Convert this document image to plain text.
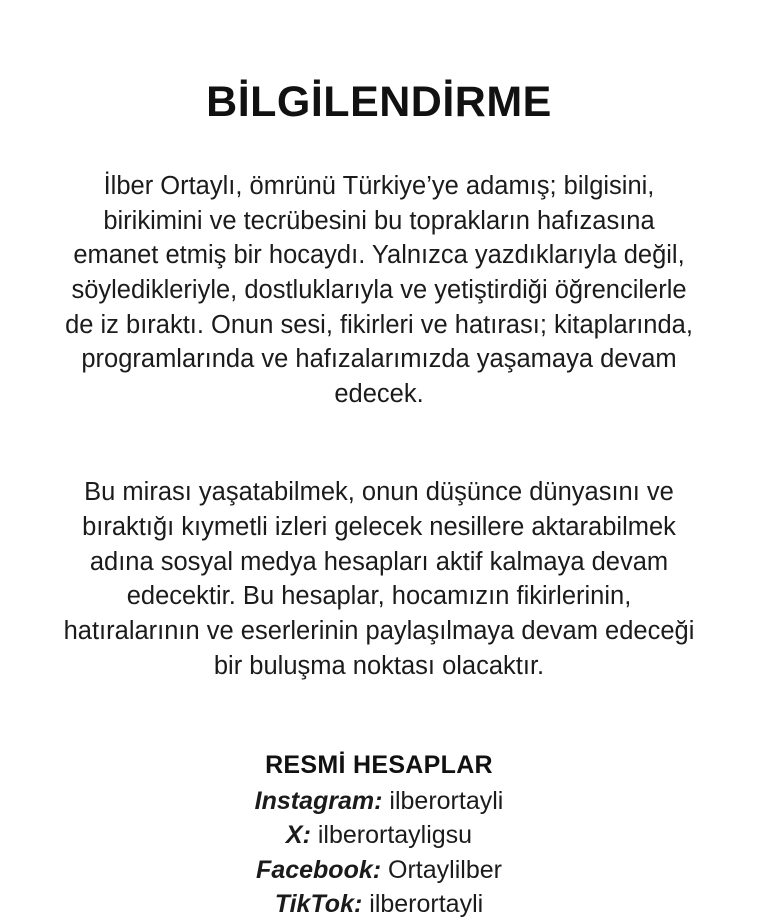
BİLGİLENDİRME

İlber Ortaylı, ömrünü Türkiye’ye adamış; bilgisini, birikimini ve tecrübesini bu toprakların hafızasına emanet etmiş bir hocaydı. Yalnızca yazdıklarıyla değil, söyledikleriyle, dostluklarıyla ve yetiştirdiği öğrencilerle de iz bıraktı. Onun sesi, fikirleri ve hatırası; kitaplarında, programlarında ve hafızalarımızda yaşamaya devam edecek.

Bu mirası yaşatabilmek, onun düşünce dünyasını ve bıraktığı kıymetli izleri gelecek nesillere aktarabilmek adına sosyal medya hesapları aktif kalmaya devam edecektir. Bu hesaplar, hocamızın fikirlerinin, hatıralarının ve eserlerinin paylaşılmaya devam edeceği bir buluşma noktası olacaktır.

RESMİ HESAPLAR
Instagram: ilberortayli
X: ilberortayligsu
Facebook: Ortaylilber
TikTok: ilberortayli
